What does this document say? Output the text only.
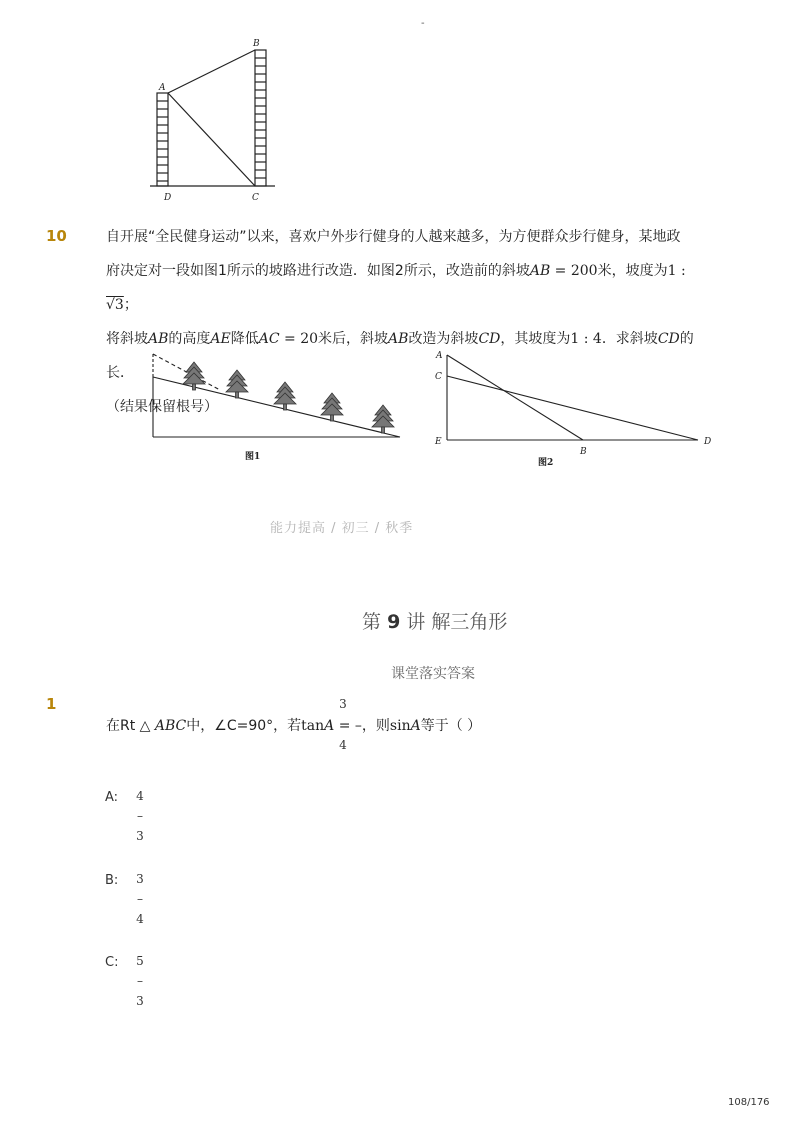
-
B
A
D	C
10	自开展“全民健身运动”以来，喜欢户外步行健身的人越来越多，为方便群众步行健身，某地政
府决定对一段如图1所示的坡路进行改造．如图2所示，改造前的斜坡AB = 200米，坡度为1 : √3；
将斜坡AB的高度AE降低AC = 20米后，斜坡AB改造为斜坡CD，其坡度为1 : 4．求斜坡CD的长．
（结果保留根号）
图1
A
C
E
B
D
图2
能力提高 / 初三 / 秋季
第 9 讲 解三角形
课堂落实答案
1
在Rt △ ABC中，∠C=90°，若tanA = –，则sinA等于（ ）
3
4
A: 4
–
3
B: 3
–
4
C: 5
–
3
108/176
